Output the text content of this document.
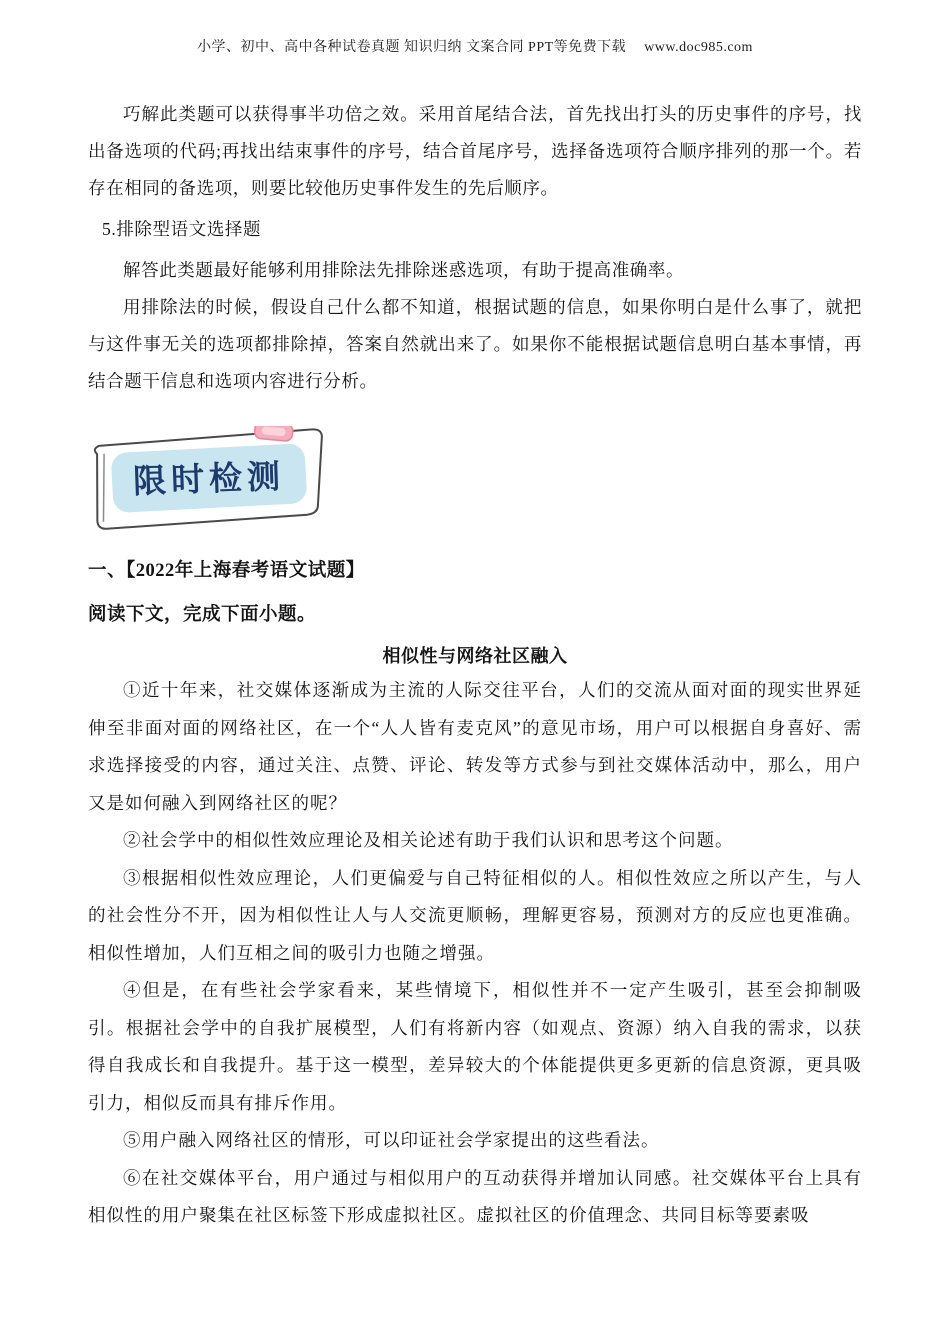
小学、初中、高中各种试卷真题 知识归纳 文案合同 PPT等免费下载 www.doc985.com

巧解此类题可以获得事半功倍之效。采用首尾结合法，首先找出打头的历史事件的序号，找出备选项的代码;再找出结束事件的序号，结合首尾序号，选择备选项符合顺序排列的那一个。若存在相同的备选项，则要比较他历史事件发生的先后顺序。

5.排除型语文选择题

解答此类题最好能够利用排除法先排除迷惑选项，有助于提高准确率。

用排除法的时候，假设自己什么都不知道，根据试题的信息，如果你明白是什么事了，就把与这件事无关的选项都排除掉，答案自然就出来了。如果你不能根据试题信息明白基本事情，再结合题干信息和选项内容进行分析。

限时检测

一、【2022年上海春考语文试题】

阅读下文，完成下面小题。

相似性与网络社区融入

①近十年来，社交媒体逐渐成为主流的人际交往平台，人们的交流从面对面的现实世界延伸至非面对面的网络社区，在一个“人人皆有麦克风”的意见市场，用户可以根据自身喜好、需求选择接受的内容，通过关注、点赞、评论、转发等方式参与到社交媒体活动中，那么，用户又是如何融入到网络社区的呢？

②社会学中的相似性效应理论及相关论述有助于我们认识和思考这个问题。

③根据相似性效应理论，人们更偏爱与自己特征相似的人。相似性效应之所以产生，与人的社会性分不开，因为相似性让人与人交流更顺畅，理解更容易，预测对方的反应也更准确。相似性增加，人们互相之间的吸引力也随之增强。

④但是，在有些社会学家看来，某些情境下，相似性并不一定产生吸引，甚至会抑制吸引。根据社会学中的自我扩展模型，人们有将新内容（如观点、资源）纳入自我的需求，以获得自我成长和自我提升。基于这一模型，差异较大的个体能提供更多更新的信息资源，更具吸引力，相似反而具有排斥作用。

⑤用户融入网络社区的情形，可以印证社会学家提出的这些看法。

⑥在社交媒体平台，用户通过与相似用户的互动获得并增加认同感。社交媒体平台上具有相似性的用户聚集在社区标签下形成虚拟社区。虚拟社区的价值理念、共同目标等要素吸
